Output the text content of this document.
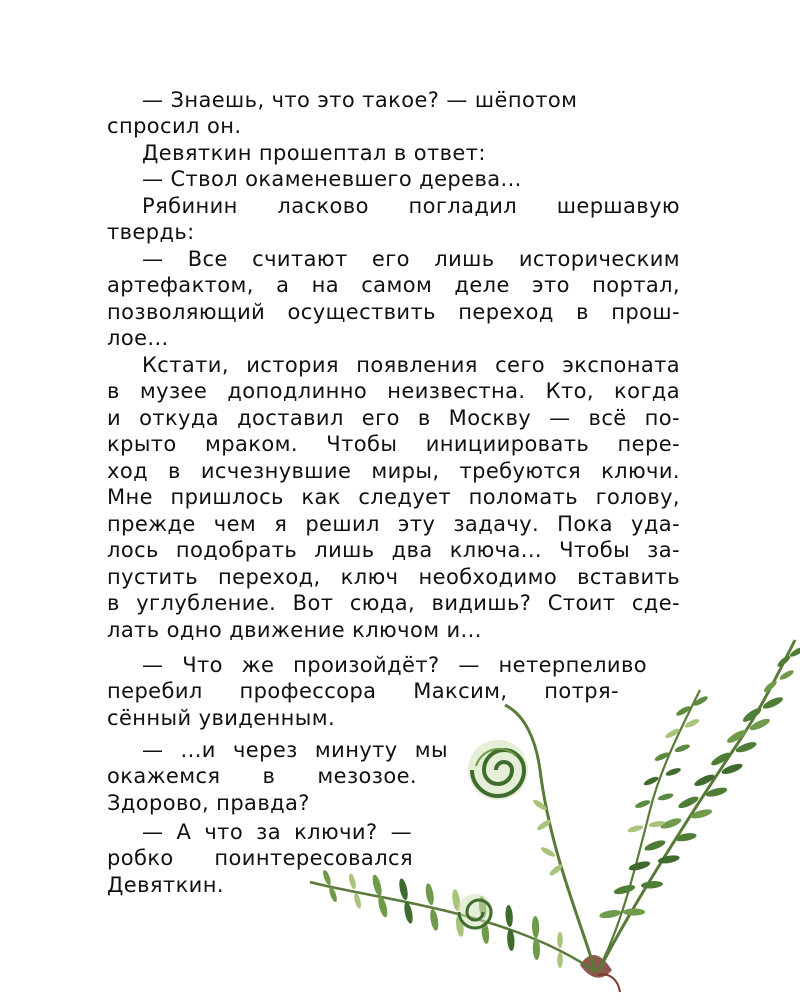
— Знаешь, что это такое? — шёпотом
спросил он.
Девяткин прошептал в ответ:
— Ствол окаменевшего дерева...
Рябинин ласково погладил шершавую
твердь:
— Все считают его лишь историческим
артефактом, а на самом деле это портал,
позволяющий осуществить переход в прош-
лое...
Кстати, история появления сего экспоната
в музее доподлинно неизвестна. Кто, когда
и откуда доставил его в Москву — всё по-
крыто мраком. Чтобы инициировать пере-
ход в исчезнувшие миры, требуются ключи.
Мне пришлось как следует поломать голову,
прежде чем я решил эту задачу. Пока уда-
лось подобрать лишь два ключа... Чтобы за-
пустить переход, ключ необходимо вставить
в углубление. Вот сюда, видишь? Стоит сде-
лать одно движение ключом и...
— Что же произойдёт? — нетерпеливо
перебил профессора Максим, потря-
сённый увиденным.
— ...и через минуту мы
окажемся в мезозое.
Здорово, правда?
— А что за ключи? —
робко поинтересовался
Девяткин.
